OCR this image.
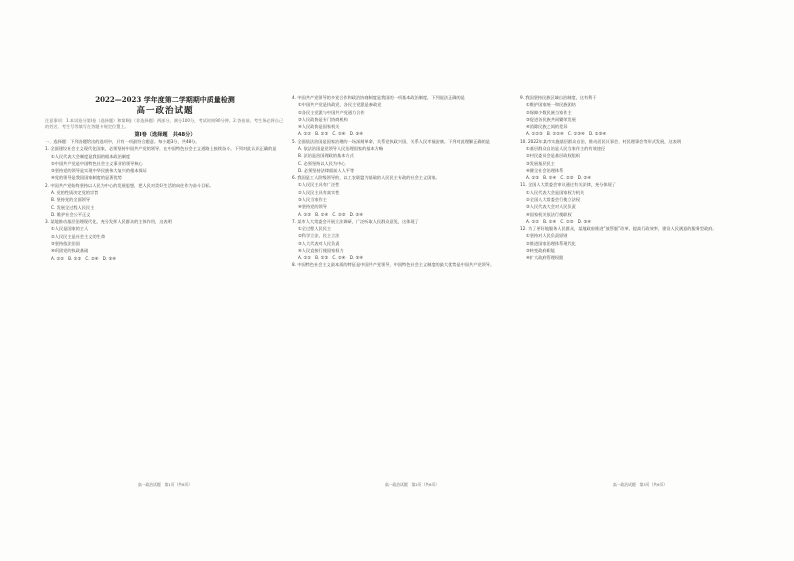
2022—2023 学年度第二学期期中质量检测

高一政治试题

注意事项：1.本试卷分第Ⅰ卷（选择题）和第Ⅱ卷（非选择题）两部分，满分100分，考试时间90分钟。2.答卷前，考生务必将自己的姓名、考生号等填写在答题卡规定位置上。

第Ⅰ卷（选择题　共48分）

一、选择题：下列各题给出的选项中，只有一项最符合题意。每小题3分，共48分。

1. 全面建设社会主义现代化国家，必须坚持中国共产党的领导，在中国特色社会主义道路上接续奋斗。下列对此认识正确的是

①人民代表大会制度是我国的根本政治制度

②中国共产党是中国特色社会主义事业的领导核心

③坚持党的领导是实现中华民族伟大复兴的根本保证

④党的领导是我国国家制度的显著优势

2. 中国共产党始终坚持以人民为中心的发展思想，把人民对美好生活的向往作为奋斗目标。

A. 党的性质决定党的宗旨

B. 坚持党的全面领导

C. 发展全过程人民民主

D. 维护社会公平正义

3. 某地推动基层治理现代化，充分发挥人民群众的主体作用，这表明

①人民是国家的主人

②人民民主是社会主义的生命

③坚持依法治国

④巩固党的执政基础

A. ①②　B. ①③　C. ②④　D. ③④

4. 中国共产党领导的多党合作和政治协商制度是我国的一项基本政治制度，下列说法正确的是

①中国共产党是执政党，各民主党派是参政党

②各民主党派与中国共产党通力合作

③人民政协是专门协商机构

④人民政协是国家机关

A. ①②　B. ①③　C. ②④　D. ③④

5. 全面依法治国是国家治理的一场深刻革命，关系党执政兴国，关系人民幸福安康。下列对此理解正确的是

A. 依法治国是党领导人民治理国家的基本方略

B. 法治是治国理政的基本方式

C. 必须坚持以人民为中心

D. 必须坚持法律面前人人平等

6. 我国是工人阶级领导的、以工农联盟为基础的人民民主专政的社会主义国家。

①人民民主具有广泛性

②人民民主具有真实性

③人民当家作主

④坚持党的领导

A. ①③　B. ①④　C. ②③　D. ②④

7. 某市人大常委会开展立法调研，广泛听取人民群众意见，这体现了

①全过程人民民主

②科学立法、民主立法

③人大代表对人民负责

④人民直接行使国家权力

A. ①②　B. ①③　C. ②④　D. ③④

8. 中国特色社会主义最本质的特征是中国共产党领导，中国特色社会主义制度的最大优势是中国共产党领导。

9. 我国坚持民族区域自治制度，这有利于

①维护国家统一和民族团结

②保障少数民族当家作主

③促进各民族共同繁荣发展

④消除民族之间的差异

A. ①②③　B. ①②④　C. ①③④　D. ②③④

10. 2022年某市实施基层群众自治，推动居民议事会、村民理事会等形式发展，这表明

①基层群众自治是人民当家作主的有效途径

②村民委员会是基层政权组织

③发展基层民主

④健全社会治理体系

A. ①③　B. ①④　C. ②③　D. ②④

11. 全国人大常委会审议通过有关法律，充分体现了

①人民代表大会是国家权力机关

②全国人大常委会行使立法权

③人民代表大会对人民负责

④国家机关依法行使职权

A. ①②　B. ①④　C. ②③　D. ③④

12. 为了更好地服务人民群众，某地政府推进“放管服”改革，提高行政效率，建设人民满意的服务型政府。

①坚持对人民负责原则

②推进国家治理体系现代化

③转变政府职能

④扩大政府管理权限

高一政治试题　第1页（共6页）	高一政治试题　第2页（共6页）	高一政治试题　第3页（共6页）
